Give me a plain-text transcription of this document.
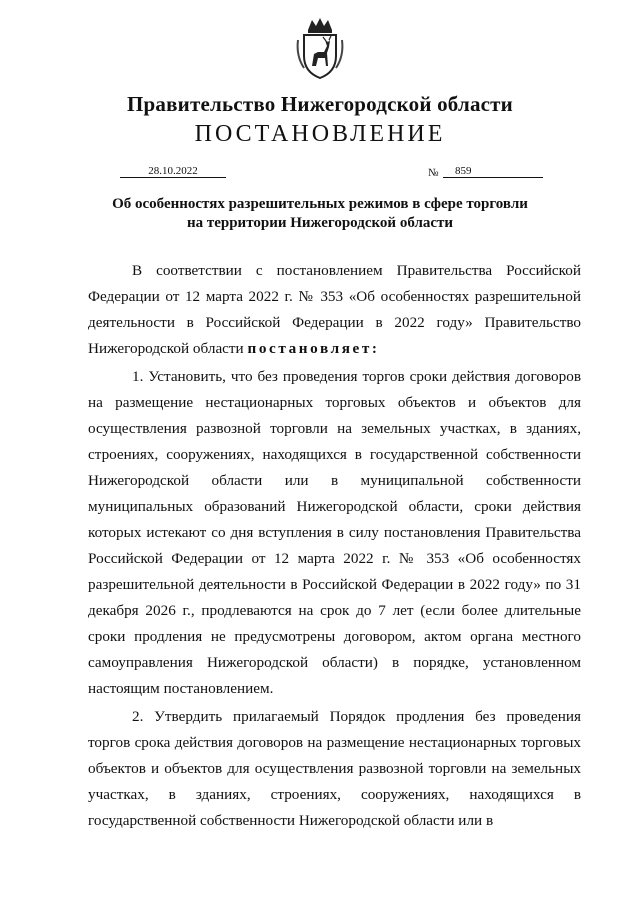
Правительство Нижегородской области
ПОСТАНОВЛЕНИЕ
28.10.2022	№	859
Об особенностях разрешительных режимов в сфере торговли
на территории Нижегородской области

В соответствии с постановлением Правительства Российской Федерации от 12 марта 2022 г. № 353 «Об особенностях разрешительной деятельности в Российской Федерации в 2022 году» Правительство Нижегородской области постановляет:

1. Установить, что без проведения торгов сроки действия договоров на размещение нестационарных торговых объектов и объектов для осуществления развозной торговли на земельных участках, в зданиях, строениях, сооружениях, находящихся в государственной собственности Нижегородской области или в муниципальной собственности муниципальных образований Нижегородской области, сроки действия которых истекают со дня вступления в силу постановления Правительства Российской Федерации от 12 марта 2022 г. № 353 «Об особенностях разрешительной деятельности в Российской Федерации в 2022 году» по 31 декабря 2026 г., продлеваются на срок до 7 лет (если более длительные сроки продления не предусмотрены договором, актом органа местного самоуправления Нижегородской области) в порядке, установленном настоящим постановлением.

2. Утвердить прилагаемый Порядок продления без проведения торгов срока действия договоров на размещение нестационарных торговых объектов и объектов для осуществления развозной торговли на земельных участках, в зданиях, строениях, сооружениях, находящихся в государственной собственности Нижегородской области или в
